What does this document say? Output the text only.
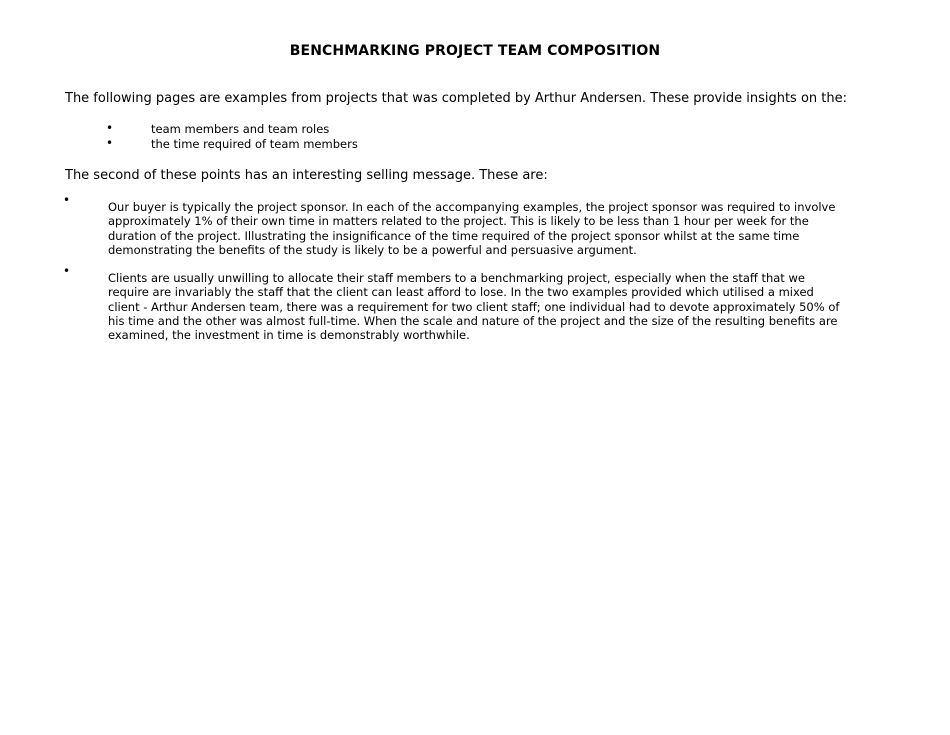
BENCHMARKING PROJECT TEAM COMPOSITION
The following pages are examples from projects that was completed by Arthur Andersen. These provide insights on the:
•	team members and team roles
•	the time required of team members
The second of these points has an interesting selling message. These are:
•	Our buyer is typically the project sponsor. In each of the accompanying examples, the project sponsor was required to involve
approximately 1% of their own time in matters related to the project. This is likely to be less than 1 hour per week for the
duration of the project. Illustrating the insignificance of the time required of the project sponsor whilst at the same time
demonstrating the benefits of the study is likely to be a powerful and persuasive argument.
•	Clients are usually unwilling to allocate their staff members to a benchmarking project, especially when the staff that we
require are invariably the staff that the client can least afford to lose. In the two examples provided which utilised a mixed
client - Arthur Andersen team, there was a requirement for two client staff; one individual had to devote approximately 50% of
his time and the other was almost full-time. When the scale and nature of the project and the size of the resulting benefits are
examined, the investment in time is demonstrably worthwhile.
